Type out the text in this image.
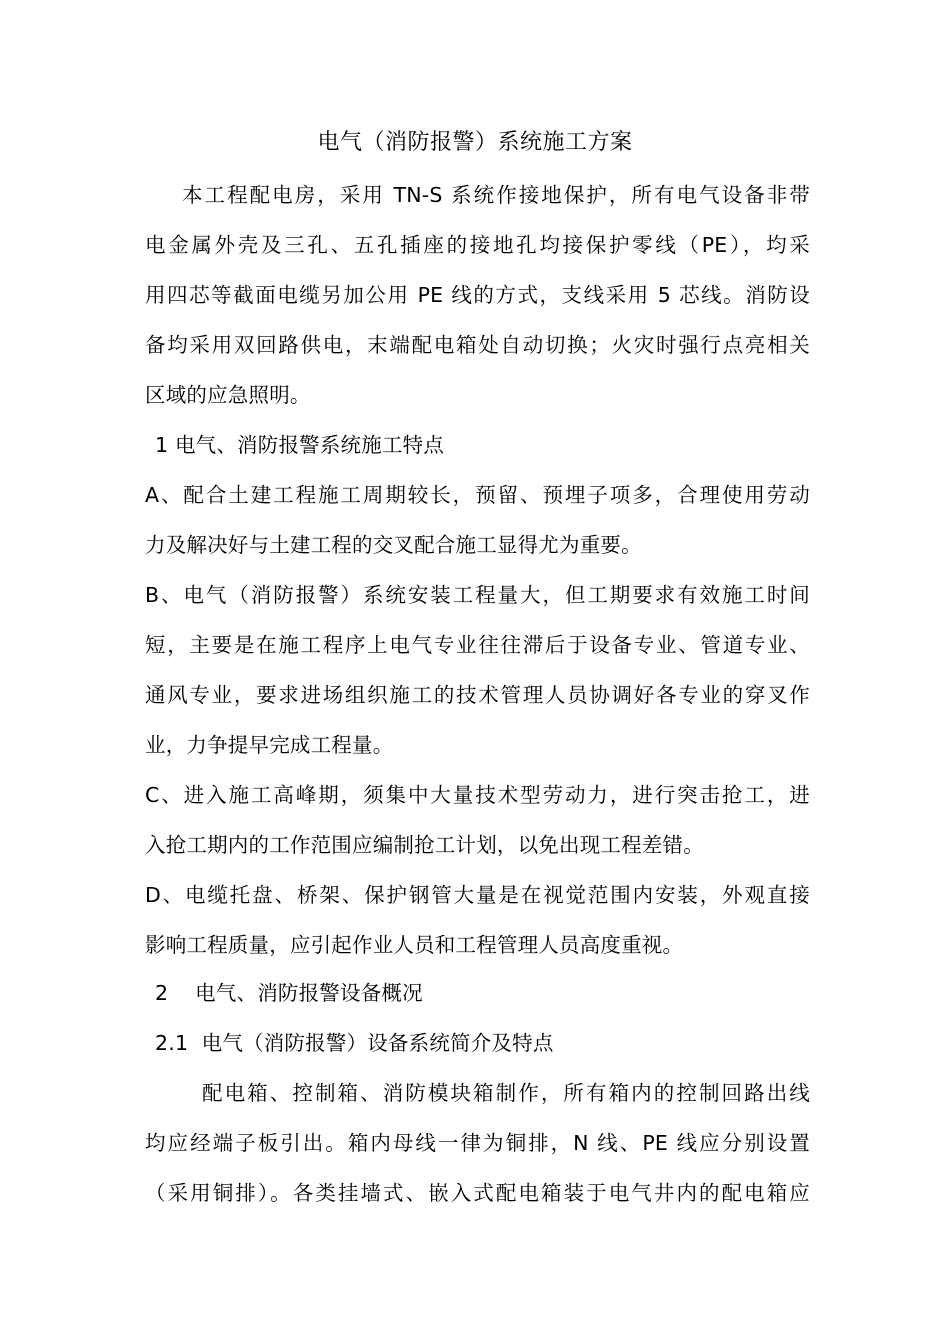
电气（消防报警）系统施工方案
本工程配电房，采用 TN-S 系统作接地保护，所有电气设备非带
电金属外壳及三孔、五孔插座的接地孔均接保护零线（PE），均采
用四芯等截面电缆另加公用 PE 线的方式，支线采用 5 芯线。消防设
备均采用双回路供电，末端配电箱处自动切换；火灾时强行点亮相关
区域的应急照明。
1 电气、消防报警系统施工特点
A、配合土建工程施工周期较长，预留、预埋子项多，合理使用劳动
力及解决好与土建工程的交叉配合施工显得尤为重要。
B、电气（消防报警）系统安装工程量大，但工期要求有效施工时间
短，主要是在施工程序上电气专业往往滞后于设备专业、管道专业、
通风专业，要求进场组织施工的技术管理人员协调好各专业的穿叉作
业，力争提早完成工程量。
C、进入施工高峰期，须集中大量技术型劳动力，进行突击抢工，进
入抢工期内的工作范围应编制抢工计划，以免出现工程差错。
D、电缆托盘、桥架、保护钢管大量是在视觉范围内安装，外观直接
影响工程质量，应引起作业人员和工程管理人员高度重视。
2    电气、消防报警设备概况
2.1  电气（消防报警）设备系统简介及特点
配电箱、控制箱、消防模块箱制作，所有箱内的控制回路出线
均应经端子板引出。箱内母线一律为铜排，N 线、PE 线应分别设置
（采用铜排）。各类挂墙式、嵌入式配电箱装于电气井内的配电箱应
